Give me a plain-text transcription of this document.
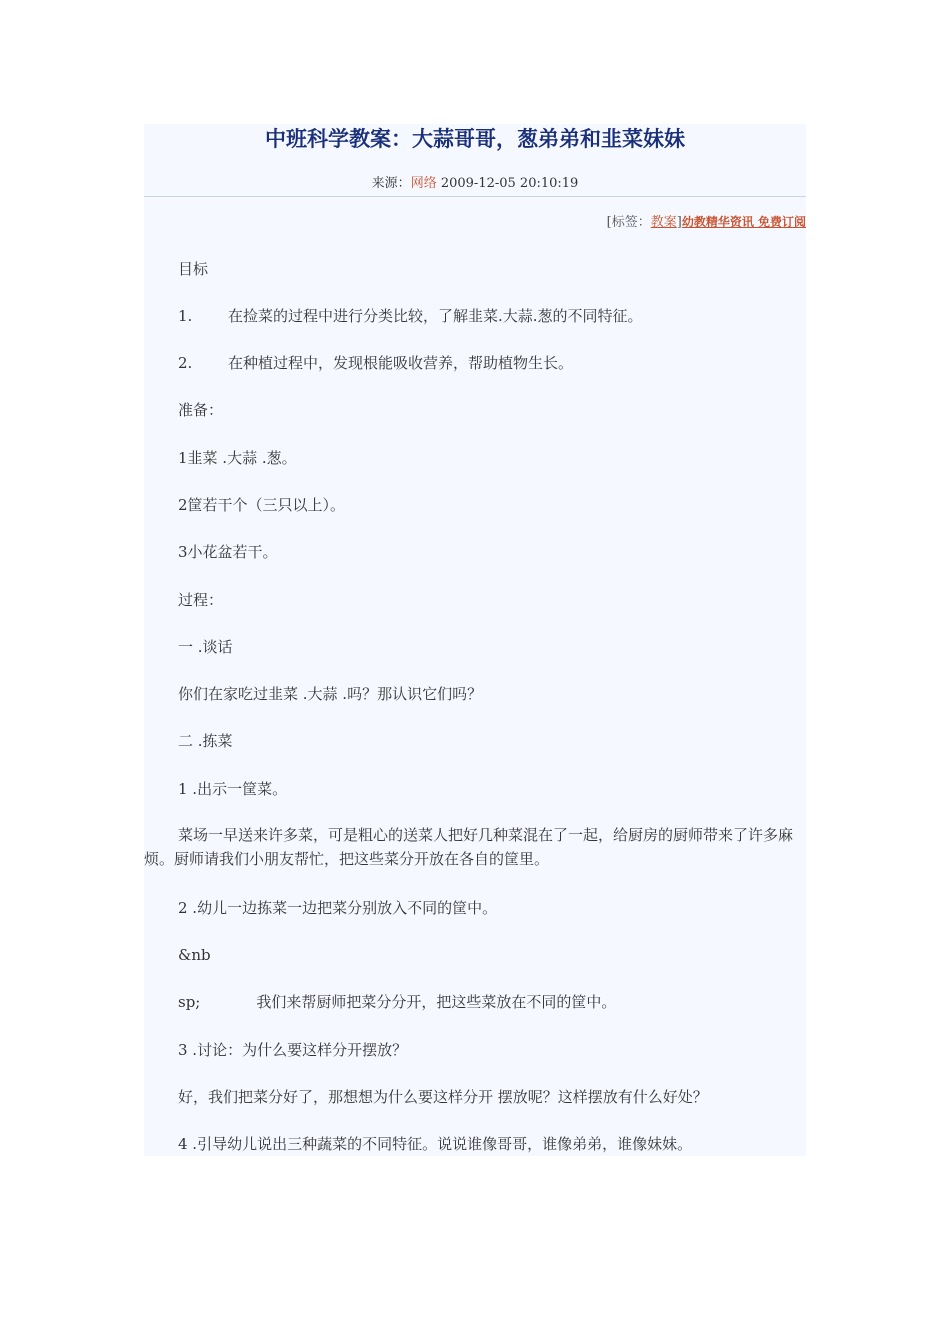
中班科学教案：大蒜哥哥，葱弟弟和韭菜妹妹
来源：网络 2009-12-05 20:10:19
[标签：教案]幼教精华资讯 免费订阅
目标
1. 在捡菜的过程中进行分类比较，了解韭菜.大蒜.葱的不同特征。
2. 在种植过程中，发现根能吸收营养，帮助植物生长。
准备：
1韭菜 .大蒜 .葱。
2筐若干个（三只以上）。
3小花盆若干。
过程：
一 .谈话
你们在家吃过韭菜 .大蒜 .吗？那认识它们吗？
二 .拣菜
1 .出示一筐菜。
菜场一早送来许多菜，可是粗心的送菜人把好几种菜混在了一起，给厨房的厨师带来了许多麻烦。厨师请我们小朋友帮忙，把这些菜分开放在各自的筐里。
2 .幼儿一边拣菜一边把菜分别放入不同的筐中。
&nb
sp;	我们来帮厨师把菜分分开，把这些菜放在不同的筐中。
3 .讨论：为什么要这样分开摆放？
好，我们把菜分好了，那想想为什么要这样分开 摆放呢？这样摆放有什么好处？
4 .引导幼儿说出三种蔬菜的不同特征。说说谁像哥哥，谁像弟弟，谁像妹妹。
